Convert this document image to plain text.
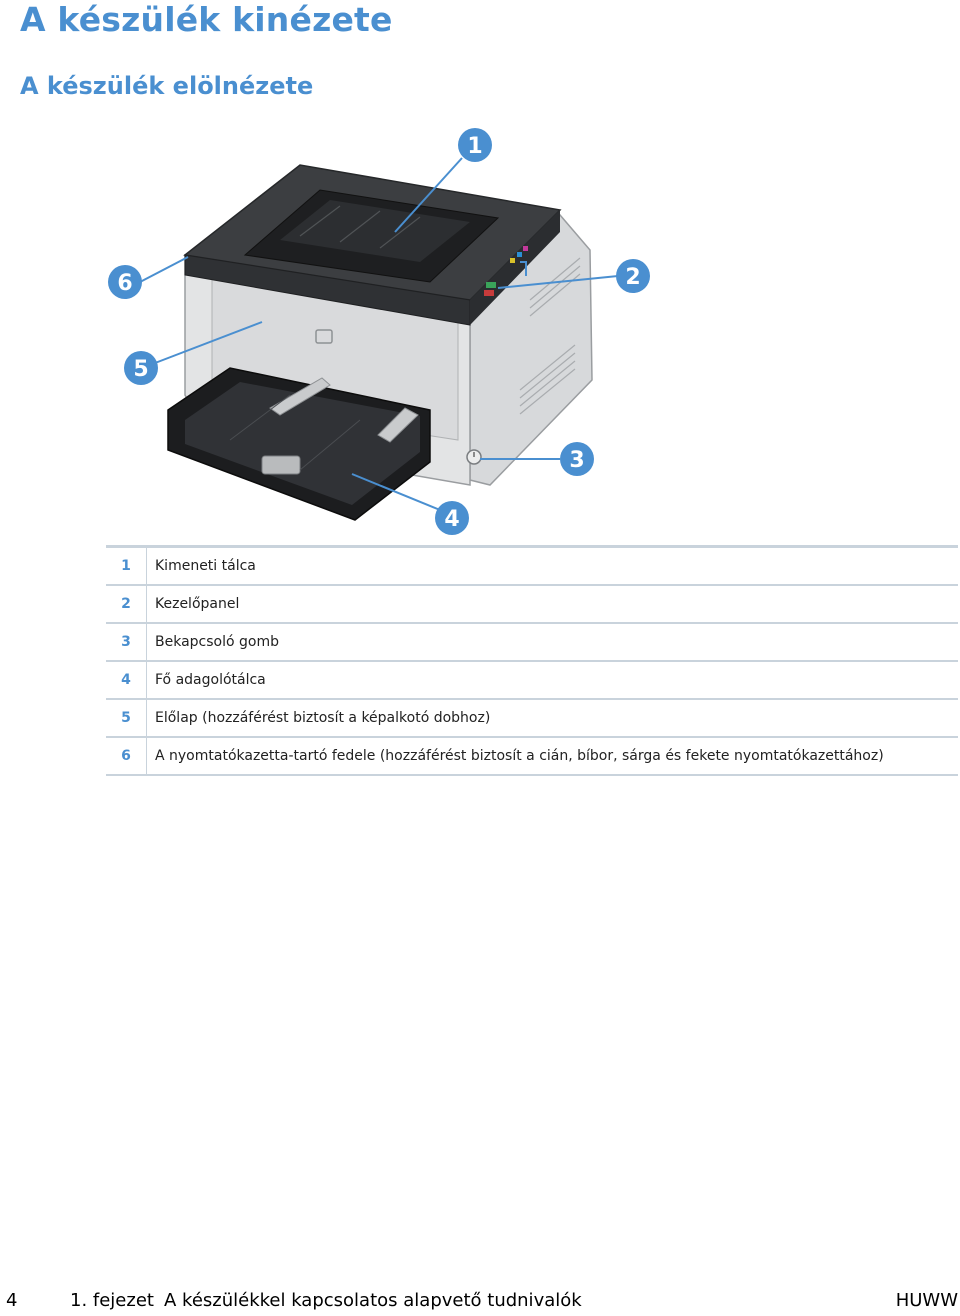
A készülék kinézete
A készülék elölnézete
1
2
3
4
5
6
1	Kimeneti tálca
2	Kezelőpanel
3	Bekapcsoló gomb
4	Fő adagolótálca
5	Előlap (hozzáférést biztosít a képalkotó dobhoz)
6	A nyomtatókazetta-tartó fedele (hozzáférést biztosít a cián, bíbor, sárga és fekete nyomtatókazettához)
4	1. fejezet A készülékkel kapcsolatos alapvető tudnivalók	HUWW
